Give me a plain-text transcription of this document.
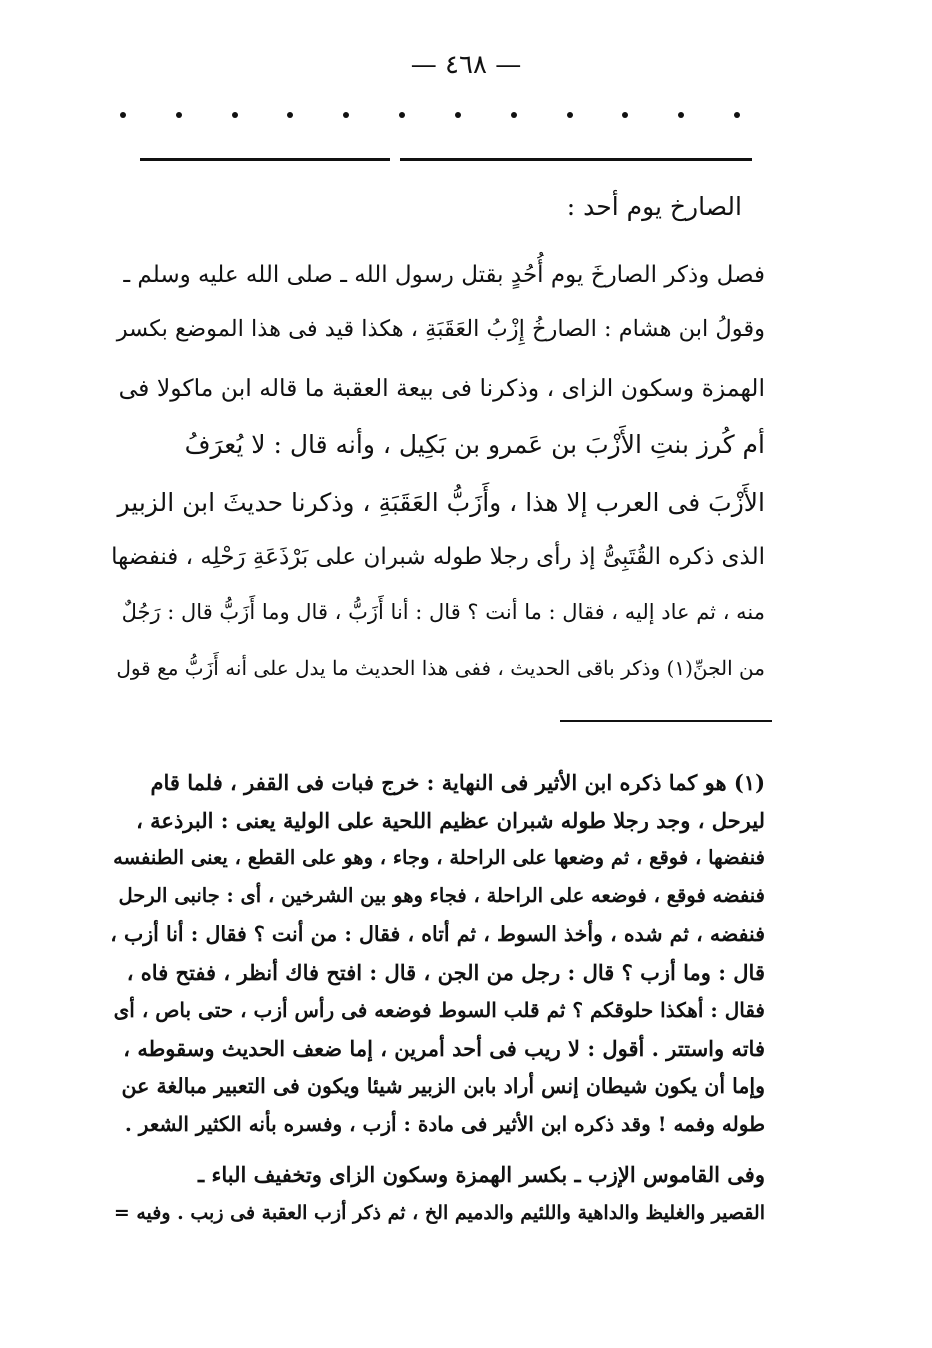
— ٤٦٨ —
الصارخ يوم أحد :
فصل وذكر الصارخَ يوم أُحُدٍ بقتل رسول الله ـ صلى الله عليه وسلم ـ
وقولُ ابن هشام : الصارخُ إِزْبُ العَقَبَةِ ، هكذا قيد فى هذا الموضع بكسر
الهمزة وسكون الزاى ، وذكرنا فى بيعة العقبة ما قاله ابن ماكولا فى
أم كُرز بنتِ الأَزْبَ بن عَمرو بن بَكِيل ، وأنه قال : لا يُعرَفُ
الأَزْبَ فى العرب إلا هذا ، وأَزَبُّ العَقَبَةِ ، وذكرنا حديثَ ابن الزبير
الذى ذكره القُتَبِىُّ إذ رأى رجلا طوله شبران على بَرْذَعَةِ رَحْلِه ، فنفضها
منه ، ثم عاد إليه ، فقال : ما أنت ؟ قال : أنا أَزَبُّ ، قال وما أَزَبُّ قال : رَجُلٌ
من الجنِّ(١) وذكر باقى الحديث ، ففى هذا الحديث ما يدل على أنه أَزَبُّ مع قول
(١) هو كما ذكره ابن الأثير فى النهاية : خرج فبات فى القفر ، فلما قام
ليرحل ، وجد رجلا طوله شبران عظيم اللحية على الولية يعنى : البرذعة ،
فنفضها ، فوقع ، ثم وضعها على الراحلة ، وجاء ، وهو على القطع ، يعنى الطنفسه
فنفضه فوقع ، فوضعه على الراحلة ، فجاء وهو بين الشرخين ، أى : جانبى الرحل
فنفضه ، ثم شده ، وأخذ السوط ، ثم أتاه ، فقال : من أنت ؟ فقال : أنا أزب ،
قال : وما أزب ؟ قال : رجل من الجن ، قال : افتح فاك أنظر ، ففتح فاه ،
فقال : أهكذا حلوقكم ؟ ثم قلب السوط فوضعه فى رأس أزب ، حتى باص ، أى
فاته واستتر . أقول : لا ريب فى أحد أمرين ، إما ضعف الحديث وسقوطه ،
وإما أن يكون شيطان إنس أراد بابن الزبير شيئا ويكون فى التعبير مبالغة عن
طوله وفمه ! وقد ذكره ابن الأثير فى مادة : أزب ، وفسره بأنه الكثير الشعر .
وفى القاموس الإزب ـ بكسر الهمزة وسكون الزاى وتخفيف الباء ـ
القصير والغليظ والداهية واللئيم والدميم الخ ، ثم ذكر أزب العقبة فى زبب . وفيه =
